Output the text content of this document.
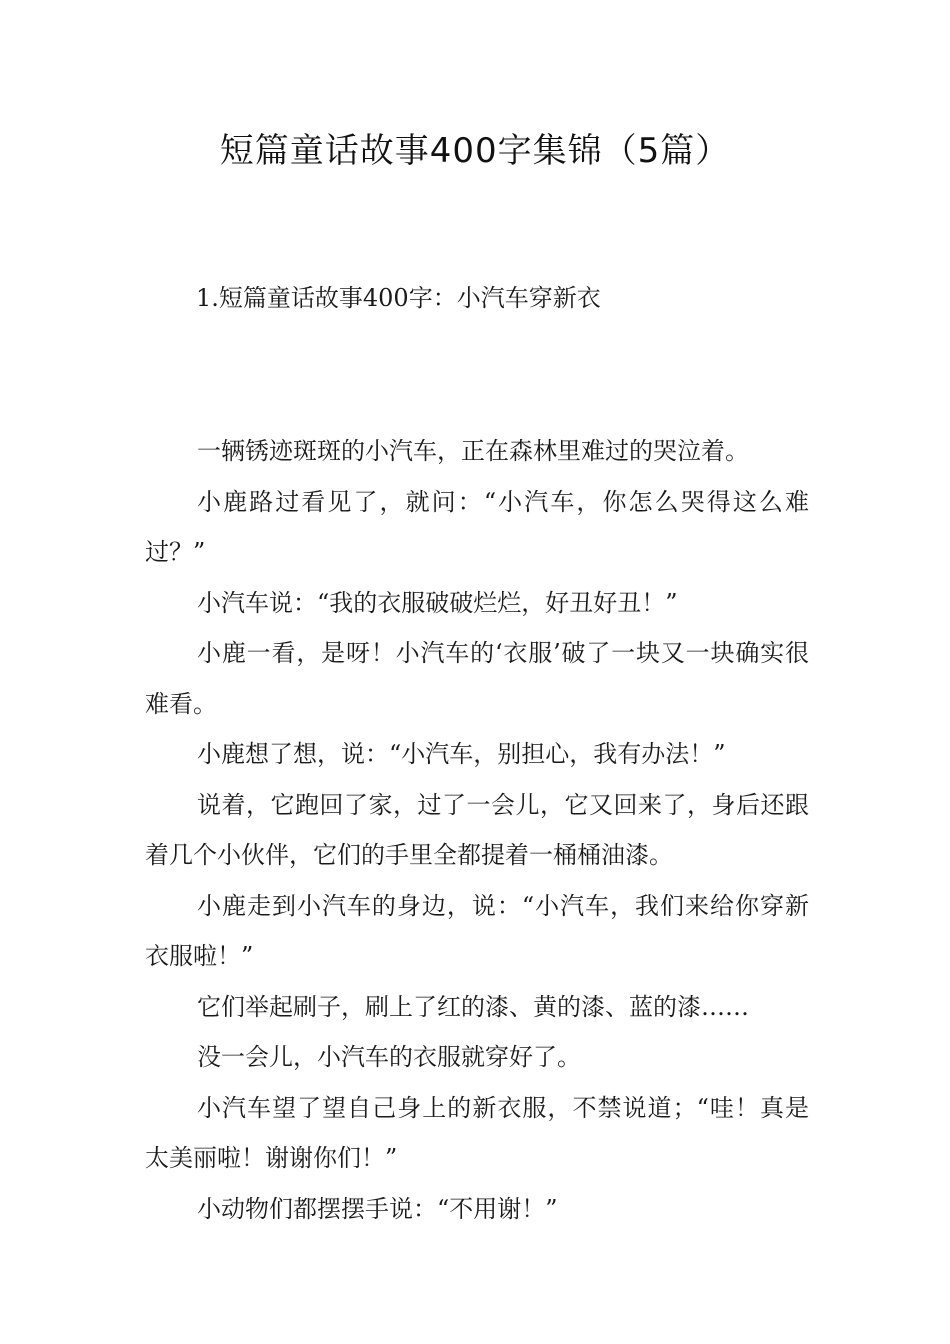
短篇童话故事400字集锦（5篇）
1.短篇童话故事400字：小汽车穿新衣

一辆锈迹斑斑的小汽车，正在森林里难过的哭泣着。

小鹿路过看见了，就问：“小汽车，你怎么哭得这么难过？”

小汽车说：“我的衣服破破烂烂，好丑好丑！”

小鹿一看，是呀！小汽车的‘衣服’破了一块又一块确实很难看。

小鹿想了想，说：“小汽车，别担心，我有办法！”

说着，它跑回了家，过了一会儿，它又回来了，身后还跟着几个小伙伴，它们的手里全都提着一桶桶油漆。

小鹿走到小汽车的身边，说：“小汽车，我们来给你穿新衣服啦！”

它们举起刷子，刷上了红的漆、黄的漆、蓝的漆……

没一会儿，小汽车的衣服就穿好了。

小汽车望了望自己身上的新衣服，不禁说道；“哇！真是太美丽啦！谢谢你们！”

小动物们都摆摆手说：“不用谢！”
